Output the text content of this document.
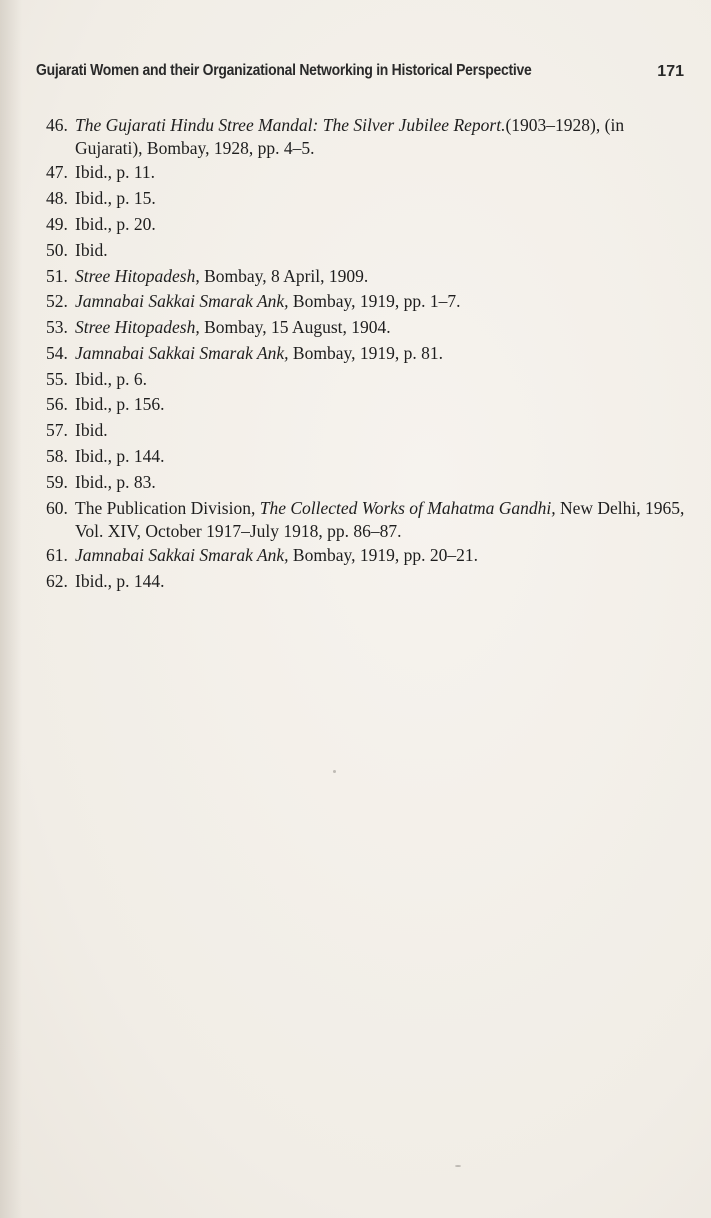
Gujarati Women and their Organizational Networking in Historical Perspective	171
46 . The Gujarati Hindu Stree Mandal: The Silver Jubilee Report.(1903–1928), (in Gujarati), Bombay, 1928, pp. 4–5.
47 . Ibid., p. 11.
48 . Ibid., p. 15.
49 . Ibid., p. 20.
50 . Ibid.
51 . Stree Hitopadesh, Bombay, 8 April, 1909.
52 . Jamnabai Sakkai Smarak Ank, Bombay, 1919, pp. 1–7.
53 . Stree Hitopadesh, Bombay, 15 August, 1904.
54 . Jamnabai Sakkai Smarak Ank, Bombay, 1919, p. 81.
55 . Ibid., p. 6.
56 . Ibid., p. 156.
57 . Ibid.
58 . Ibid., p. 144.
59 . Ibid., p. 83.
60 . The Publication Division, The Collected Works of Mahatma Gandhi, New Delhi, 1965, Vol. XIV, October 1917–July 1918, pp. 86–87.
61 . Jamnabai Sakkai Smarak Ank, Bombay, 1919, pp. 20–21.
62 . Ibid., p. 144.
